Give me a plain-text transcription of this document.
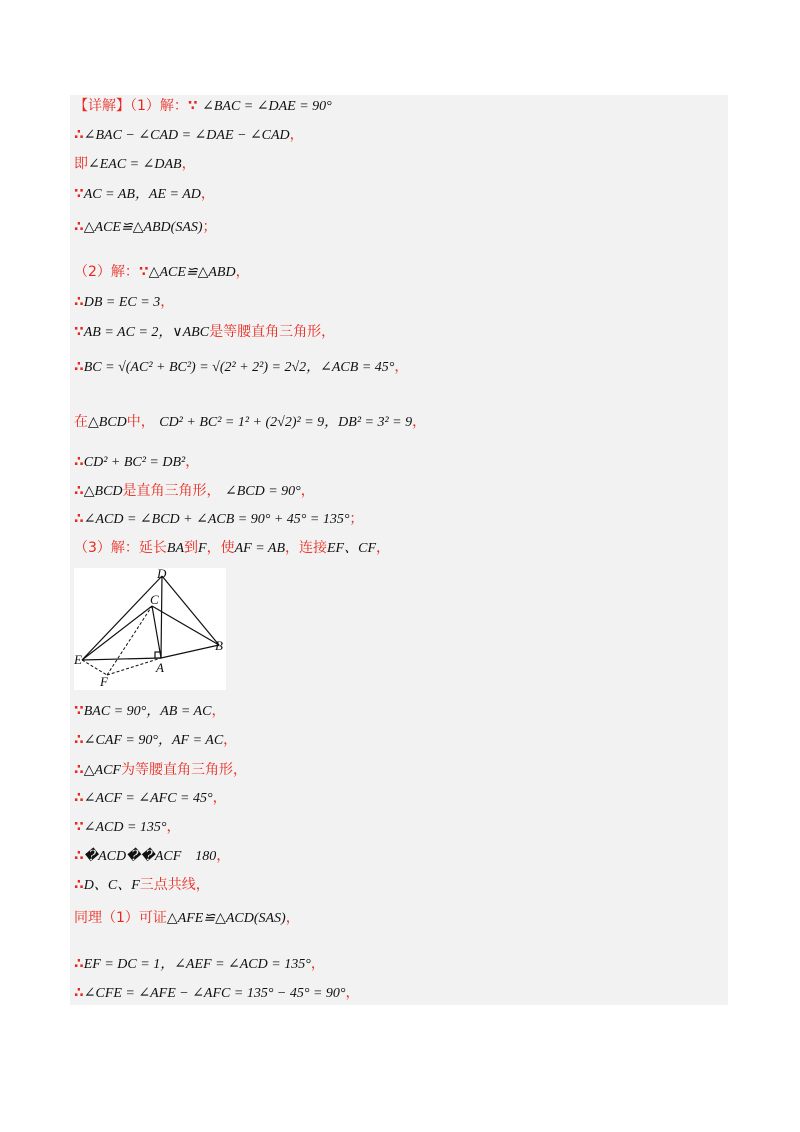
【详解】（1）解：∵ ∠BAC = ∠DAE = 90°
∴∠BAC − ∠CAD = ∠DAE − ∠CAD，
即∠EAC = ∠DAB，
∵AC = AB，AE = AD，
∴△ACE≌△ABD(SAS)；
（2）解：∵△ACE≌△ABD，
∴DB = EC = 3，
∵AB = AC = 2，∨ABC是等腰直角三角形，
∴BC = √(AC² + BC²) = √(2² + 2²) = 2√2，∠ACB = 45°，
在△BCD中， CD² + BC² = 1² + (2√2)² = 9，DB² = 3² = 9，
∴CD² + BC² = DB²，
∴△BCD是直角三角形， ∠BCD = 90°，
∴∠ACD = ∠BCD + ∠ACB = 90° + 45° = 135°；
（3）解：延长BA到F，使AF = AB，连接EF、CF，
D
C
B
E
A
F
∵BAC = 90°，AB = AC，
∴∠CAF = 90°，AF = AC，
∴△ACF为等腰直角三角形，
∴∠ACF = ∠AFC = 45°，
∵∠ACD = 135°，
∴�ACD��ACF　180，
∴D、C、F三点共线，
同理（1）可证△AFE≌△ACD(SAS)，
∴EF = DC = 1，∠AEF = ∠ACD = 135°，
∴∠CFE = ∠AFE − ∠AFC = 135° − 45° = 90°，
